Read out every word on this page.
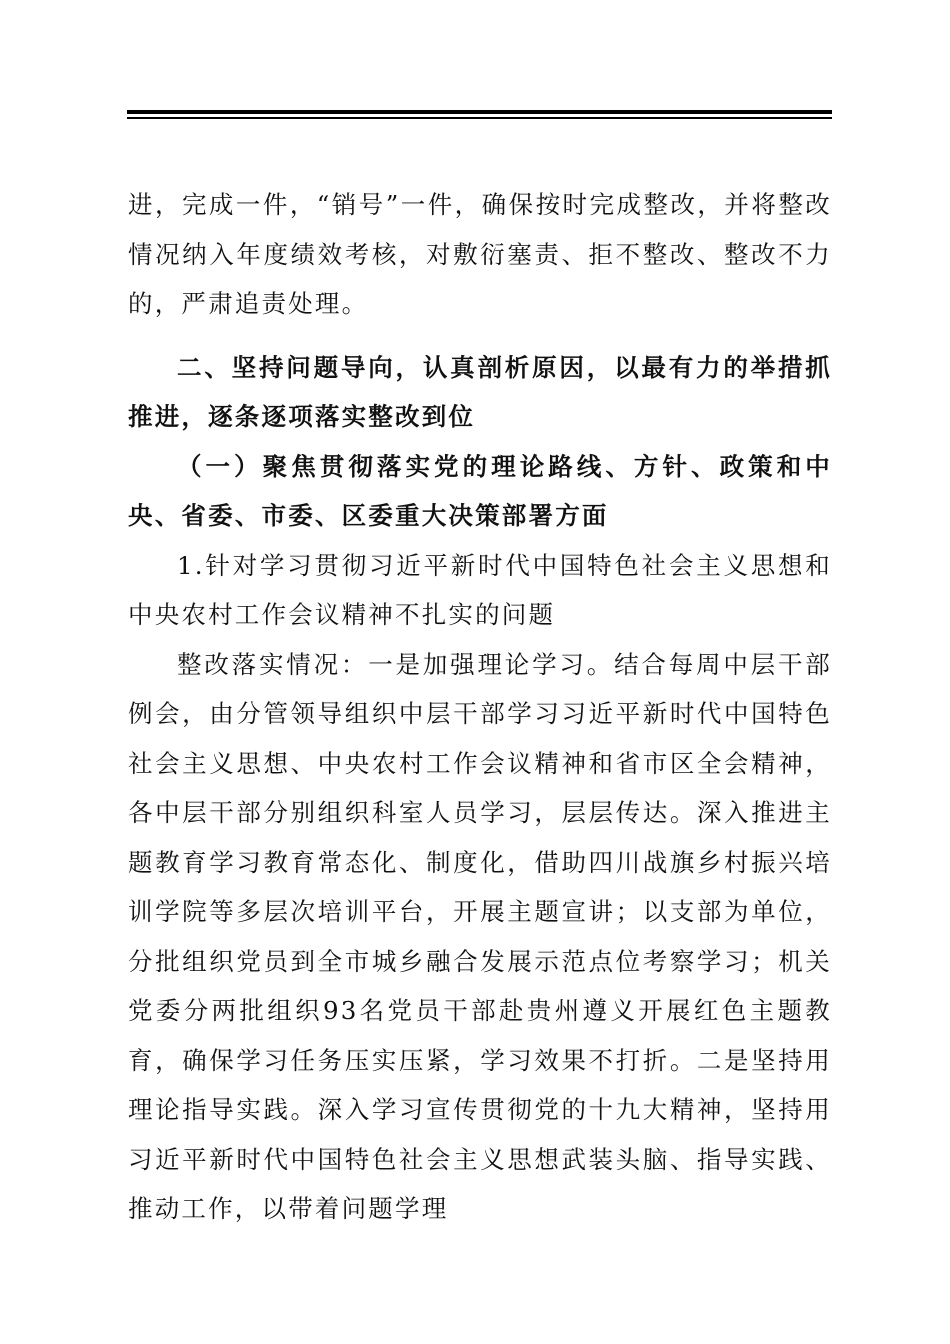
进，完成一件，“销号”一件，确保按时完成整改，并将整改情况纳入年度绩效考核，对敷衍塞责、拒不整改、整改不力的，严肃追责处理。

二、坚持问题导向，认真剖析原因，以最有力的举措抓推进，逐条逐项落实整改到位

（一）聚焦贯彻落实党的理论路线、方针、政策和中央、省委、市委、区委重大决策部署方面

1.针对学习贯彻习近平新时代中国特色社会主义思想和中央农村工作会议精神不扎实的问题

整改落实情况：一是加强理论学习。结合每周中层干部例会，由分管领导组织中层干部学习习近平新时代中国特色社会主义思想、中央农村工作会议精神和省市区全会精神，各中层干部分别组织科室人员学习，层层传达。深入推进主题教育学习教育常态化、制度化，借助四川战旗乡村振兴培训学院等多层次培训平台，开展主题宣讲；以支部为单位，分批组织党员到全市城乡融合发展示范点位考察学习；机关党委分两批组织93名党员干部赴贵州遵义开展红色主题教育，确保学习任务压实压紧，学习效果不打折。二是坚持用理论指导实践。深入学习宣传贯彻党的十九大精神，坚持用习近平新时代中国特色社会主义思想武装头脑、指导实践、推动工作，以带着问题学理
